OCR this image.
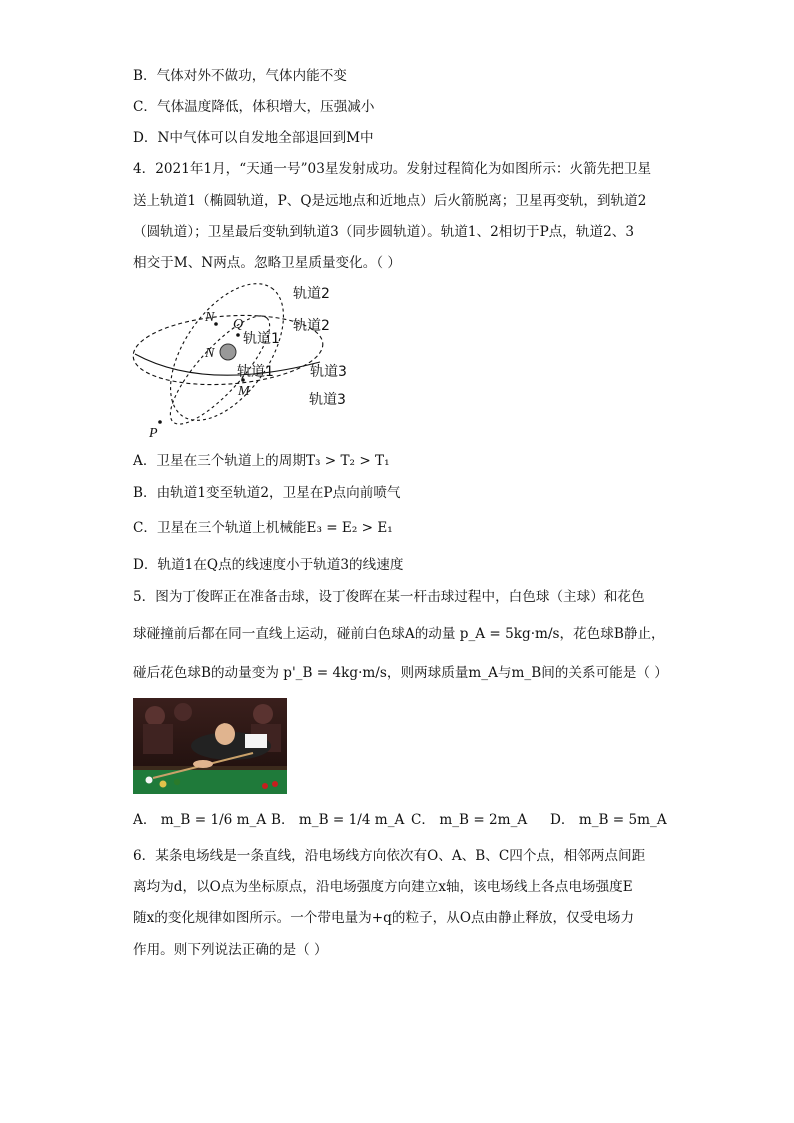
B．气体对外不做功，气体内能不变
C．气体温度降低，体积增大，压强减小
D．N中气体可以自发地全部退回到M中
4．2021年1月，“天通一号”03星发射成功。发射过程简化为如图所示：火箭先把卫星
送上轨道1（椭圆轨道，P、Q是远地点和近地点）后火箭脱离；卫星再变轨，到轨道2
（圆轨道）；卫星最后变轨到轨道3（同步圆轨道）。轨道1、2相切于P点，轨道2、3
相交于M、N两点。忽略卫星质量变化。（ ）
轨道2
轨道2
轨道1
轨道1	轨道3
轨道3
N Q
N
M
P
A．卫星在三个轨道上的周期T₃ > T₂ > T₁
B．由轨道1变至轨道2，卫星在P点向前喷气
C．卫星在三个轨道上机械能E₃ = E₂ > E₁
D．轨道1在Q点的线速度小于轨道3的线速度
5．图为丁俊晖正在准备击球，设丁俊晖在某一杆击球过程中，白色球（主球）和花色
球碰撞前后都在同一直线上运动，碰前白色球A的动量 p_A = 5kg·m/s，花色球B静止，
碰后花色球B的动量变为 p'_B = 4kg·m/s，则两球质量m_A与m_B间的关系可能是（ ）
A． m_B = 1/6 m_A B． m_B = 1/4 m_A C． m_B = 2m_A D． m_B = 5m_A
6．某条电场线是一条直线，沿电场线方向依次有O、A、B、C四个点，相邻两点间距
离均为d，以O点为坐标原点，沿电场强度方向建立x轴，该电场线上各点电场强度E
随x的变化规律如图所示。一个带电量为+q的粒子，从O点由静止释放，仅受电场力
作用。则下列说法正确的是（ ）
